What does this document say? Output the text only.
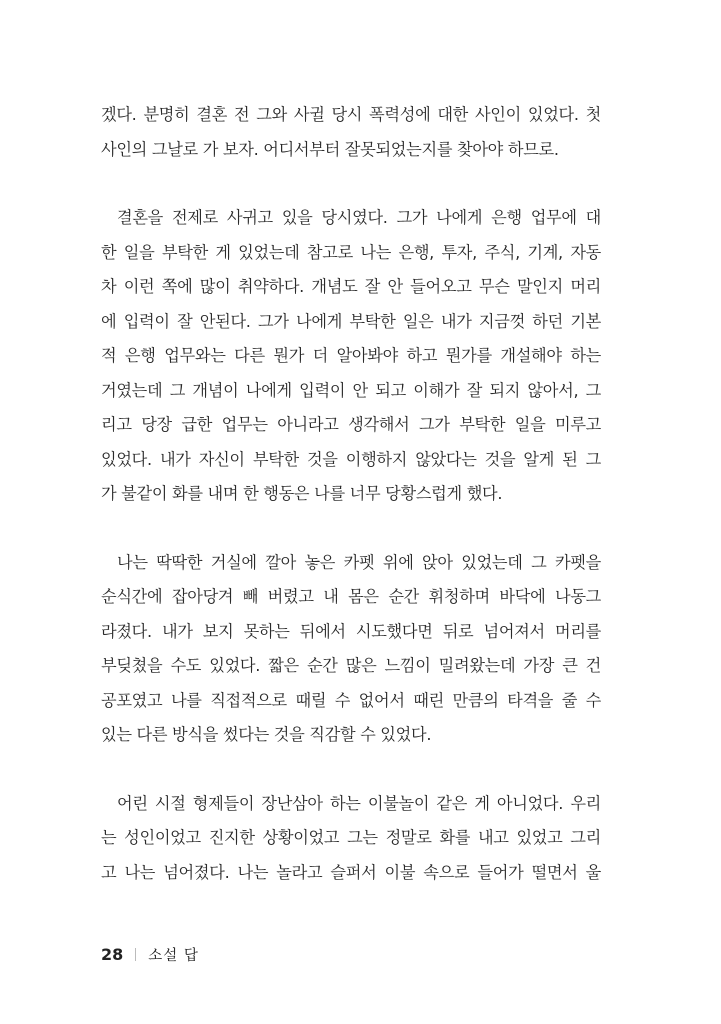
겠다. 분명히 결혼 전 그와 사귈 당시 폭력성에 대한 사인이 있었다. 첫
사인의 그날로 가 보자. 어디서부터 잘못되었는지를 찾아야 하므로.

결혼을 전제로 사귀고 있을 당시였다. 그가 나에게 은행 업무에 대
한 일을 부탁한 게 있었는데 참고로 나는 은행, 투자, 주식, 기계, 자동
차 이런 쪽에 많이 취약하다. 개념도 잘 안 들어오고 무슨 말인지 머리
에 입력이 잘 안된다. 그가 나에게 부탁한 일은 내가 지금껏 하던 기본
적 은행 업무와는 다른 뭔가 더 알아봐야 하고 뭔가를 개설해야 하는
거였는데 그 개념이 나에게 입력이 안 되고 이해가 잘 되지 않아서, 그
리고 당장 급한 업무는 아니라고 생각해서 그가 부탁한 일을 미루고
있었다. 내가 자신이 부탁한 것을 이행하지 않았다는 것을 알게 된 그
가 불같이 화를 내며 한 행동은 나를 너무 당황스럽게 했다.

나는 딱딱한 거실에 깔아 놓은 카펫 위에 앉아 있었는데 그 카펫을
순식간에 잡아당겨 빼 버렸고 내 몸은 순간 휘청하며 바닥에 나동그
라졌다. 내가 보지 못하는 뒤에서 시도했다면 뒤로 넘어져서 머리를
부딪쳤을 수도 있었다. 짧은 순간 많은 느낌이 밀려왔는데 가장 큰 건
공포였고 나를 직접적으로 때릴 수 없어서 때린 만큼의 타격을 줄 수
있는 다른 방식을 썼다는 것을 직감할 수 있었다.

어린 시절 형제들이 장난삼아 하는 이불놀이 같은 게 아니었다. 우리
는 성인이었고 진지한 상황이었고 그는 정말로 화를 내고 있었고 그리
고 나는 넘어졌다. 나는 놀라고 슬퍼서 이불 속으로 들어가 떨면서 울

28 소설 답
